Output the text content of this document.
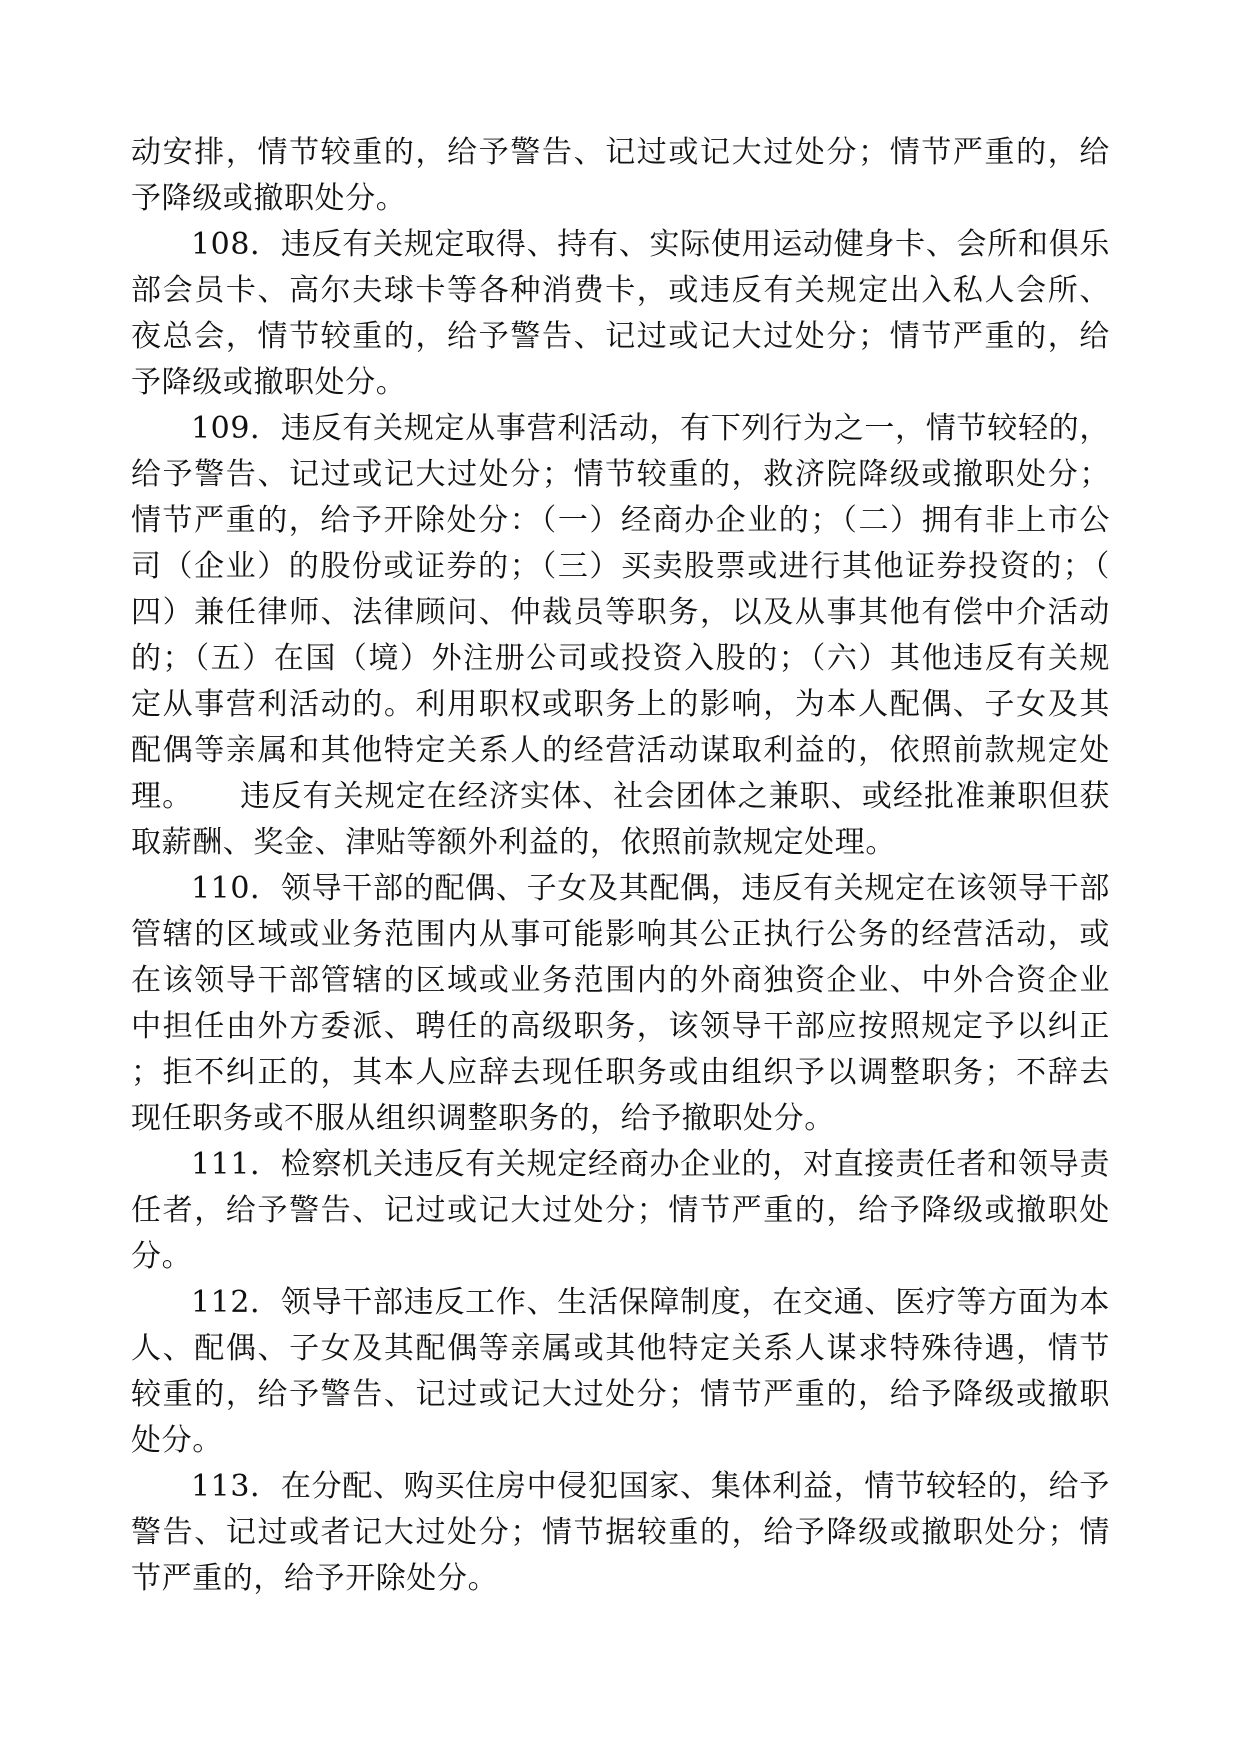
动安排，情节较重的，给予警告、记过或记大过处分；情节严重的，给予降级或撤职处分。

108．违反有关规定取得、持有、实际使用运动健身卡、会所和俱乐部会员卡、高尔夫球卡等各种消费卡，或违反有关规定出入私人会所、夜总会，情节较重的，给予警告、记过或记大过处分；情节严重的，给予降级或撤职处分。

109．违反有关规定从事营利活动，有下列行为之一，情节较轻的，给予警告、记过或记大过处分；情节较重的，救济院降级或撤职处分；情节严重的，给予开除处分：（一）经商办企业的；（二）拥有非上市公司（企业）的股份或证券的；（三）买卖股票或进行其他证券投资的；（四）兼任律师、法律顾问、仲裁员等职务，以及从事其他有偿中介活动的；（五）在国（境）外注册公司或投资入股的；（六）其他违反有关规定从事营利活动的。利用职权或职务上的影响，为本人配偶、子女及其配偶等亲属和其他特定关系人的经营活动谋取利益的，依照前款规定处理。　　违反有关规定在经济实体、社会团体之兼职、或经批准兼职但获取薪酬、奖金、津贴等额外利益的，依照前款规定处理。

110．领导干部的配偶、子女及其配偶，违反有关规定在该领导干部管辖的区域或业务范围内从事可能影响其公正执行公务的经营活动，或在该领导干部管辖的区域或业务范围内的外商独资企业、中外合资企业中担任由外方委派、聘任的高级职务，该领导干部应按照规定予以纠正；拒不纠正的，其本人应辞去现任职务或由组织予以调整职务；不辞去现任职务或不服从组织调整职务的，给予撤职处分。

111．检察机关违反有关规定经商办企业的，对直接责任者和领导责任者，给予警告、记过或记大过处分；情节严重的，给予降级或撤职处分。

112．领导干部违反工作、生活保障制度，在交通、医疗等方面为本人、配偶、子女及其配偶等亲属或其他特定关系人谋求特殊待遇，情节较重的，给予警告、记过或记大过处分；情节严重的，给予降级或撤职处分。

113．在分配、购买住房中侵犯国家、集体利益，情节较轻的，给予警告、记过或者记大过处分；情节据较重的，给予降级或撤职处分；情节严重的，给予开除处分。
